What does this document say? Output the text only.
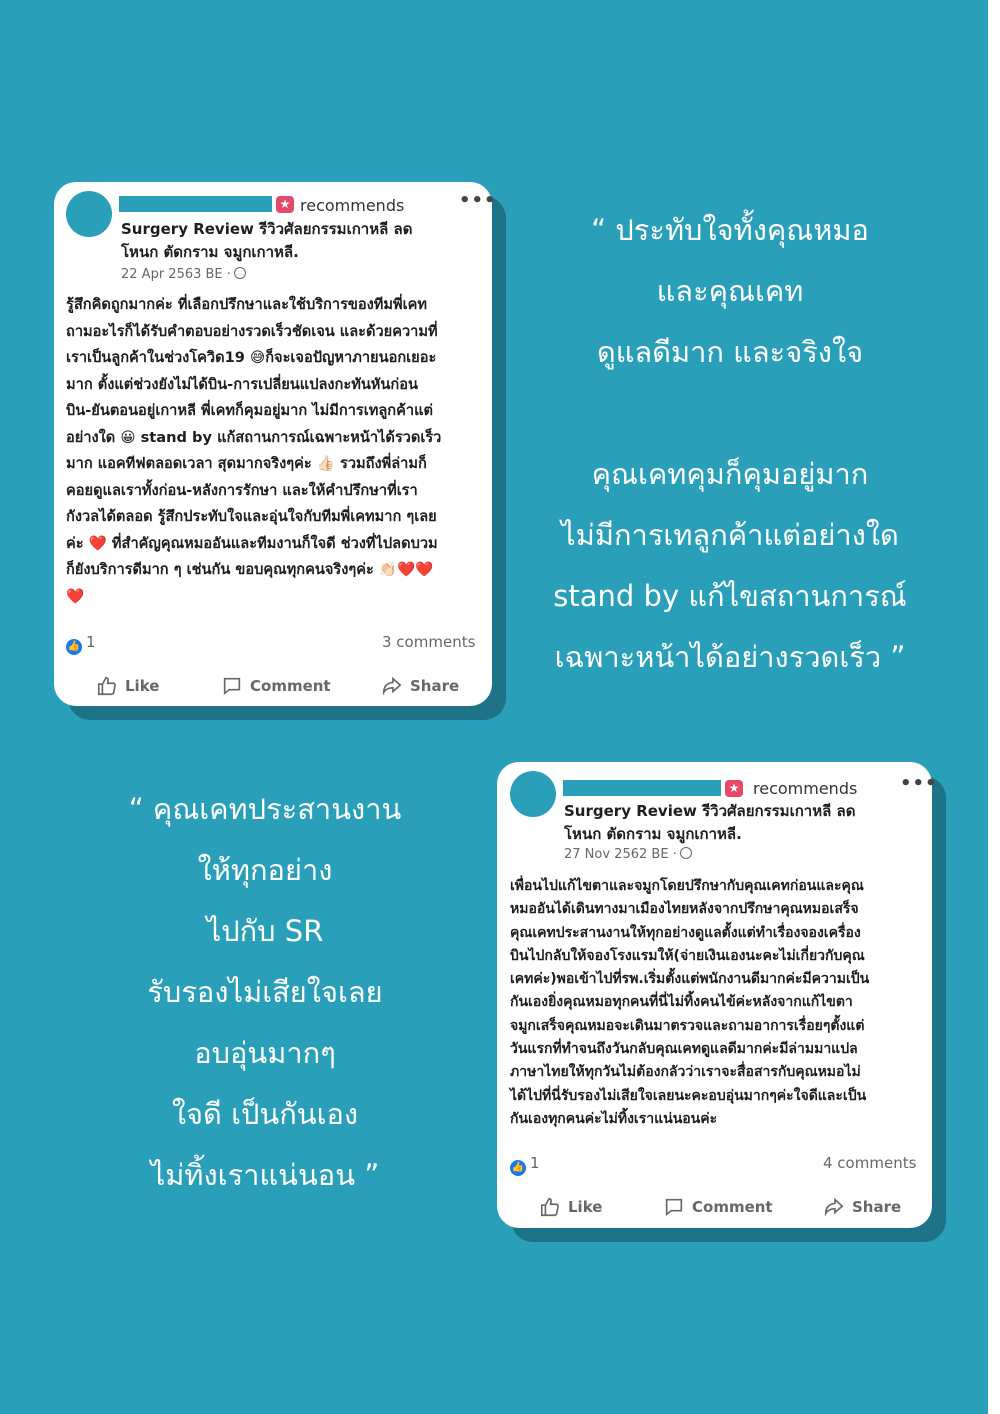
★ recommends	•••
Surgery Review รีวิวศัลยกรรมเกาหลี ลด
โหนก ตัดกราม จมูกเกาหลี.
22 Apr 2563 BE ·
รู้สึกคิดถูกมากค่ะ ที่เลือกปรึกษาและใช้บริการของทีมพี่เคท
ถามอะไรก็ได้รับคำตอบอย่างรวดเร็วชัดเจน และด้วยความที่
เราเป็นลูกค้าในช่วงโควิด19 😅ก็จะเจอปัญหาภายนอกเยอะ
มาก ตั้งแต่ช่วงยังไม่ได้บิน-การเปลี่ยนแปลงกะทันหันก่อน
บิน-ยันตอนอยู่เกาหลี พี่เคทก็คุมอยู่มาก ไม่มีการเทลูกค้าแต่
อย่างใด 😀 stand by แก้สถานการณ์เฉพาะหน้าได้รวดเร็ว
มาก แอคทีฟตลอดเวลา สุดมากจริงๆค่ะ 👍🏻 รวมถึงพี่ล่ามก็
คอยดูแลเราทั้งก่อน-หลังการรักษา และให้คำปรึกษาที่เรา
กังวลได้ตลอด รู้สึกประทับใจและอุ่นใจกับทีมพี่เคทมาก ๆเลย
ค่ะ ❤️ ที่สำคัญคุณหมออันและทีมงานก็ใจดี ช่วงที่ไปลดบวม
ก็ยังบริการดีมาก ๆ เช่นกัน ขอบคุณทุกคนจริงๆค่ะ 👏🏻❤️❤️
❤️
👍 1	3 comments
Like	Comment	Share
“ ประทับใจทั้งคุณหมอ
และคุณเคท
ดูแลดีมาก และจริงใจ

คุณเคทคุมก็คุมอยู่มาก
ไม่มีการเทลูกค้าแต่อย่างใด
stand by แก้ไขสถานการณ์
เฉพาะหน้าได้อย่างรวดเร็ว ”
“ คุณเคทประสานงาน
ให้ทุกอย่าง
ไปกับ SR
รับรองไม่เสียใจเลย
อบอุ่นมากๆ
ใจดี เป็นกันเอง
ไม่ทิ้งเราแน่นอน ”
★ recommends •••
Surgery Review รีวิวศัลยกรรมเกาหลี ลด
โหนก ตัดกราม จมูกเกาหลี.
27 Nov 2562 BE ·
เพื่อนไปแก้ไขตาและจมูกโดยปรึกษากับคุณเคทก่อนและคุณ
หมออันได้เดินทางมาเมืองไทยหลังจากปรึกษาคุณหมอเสร็จ
คุณเคทประสานงานให้ทุกอย่างดูแลตั้งแต่ทำเรื่องจองเครื่อง
บินไปกลับให้จองโรงแรมให้(จ่ายเงินเองนะคะไม่เกี่ยวกับคุณ
เคทค่ะ)พอเข้าไปที่รพ.เริ่มตั้งแต่พนักงานดีมากค่ะมีความเป็น
กันเองยิ่งคุณหมอทุกคนที่นี่ไม่ทิ้งคนไข้ค่ะหลังจากแก้ไขตา
จมูกเสร็จคุณหมอจะเดินมาตรวจและถามอาการเรื่อยๆตั้งแต่
วันแรกที่ทำจนถึงวันกลับคุณเคทดูแลดีมากค่ะมีล่ามมาแปล
ภาษาไทยให้ทุกวันไม่ต้องกลัวว่าเราจะสื่อสารกับคุณหมอไม่
ได้ไปที่นี่รับรองไม่เสียใจเลยนะคะอบอุ่นมากๆค่ะใจดีและเป็น
กันเองทุกคนค่ะไม่ทิ้งเราแน่นอนค่ะ
👍 1	4 comments
Like	Comment	Share
